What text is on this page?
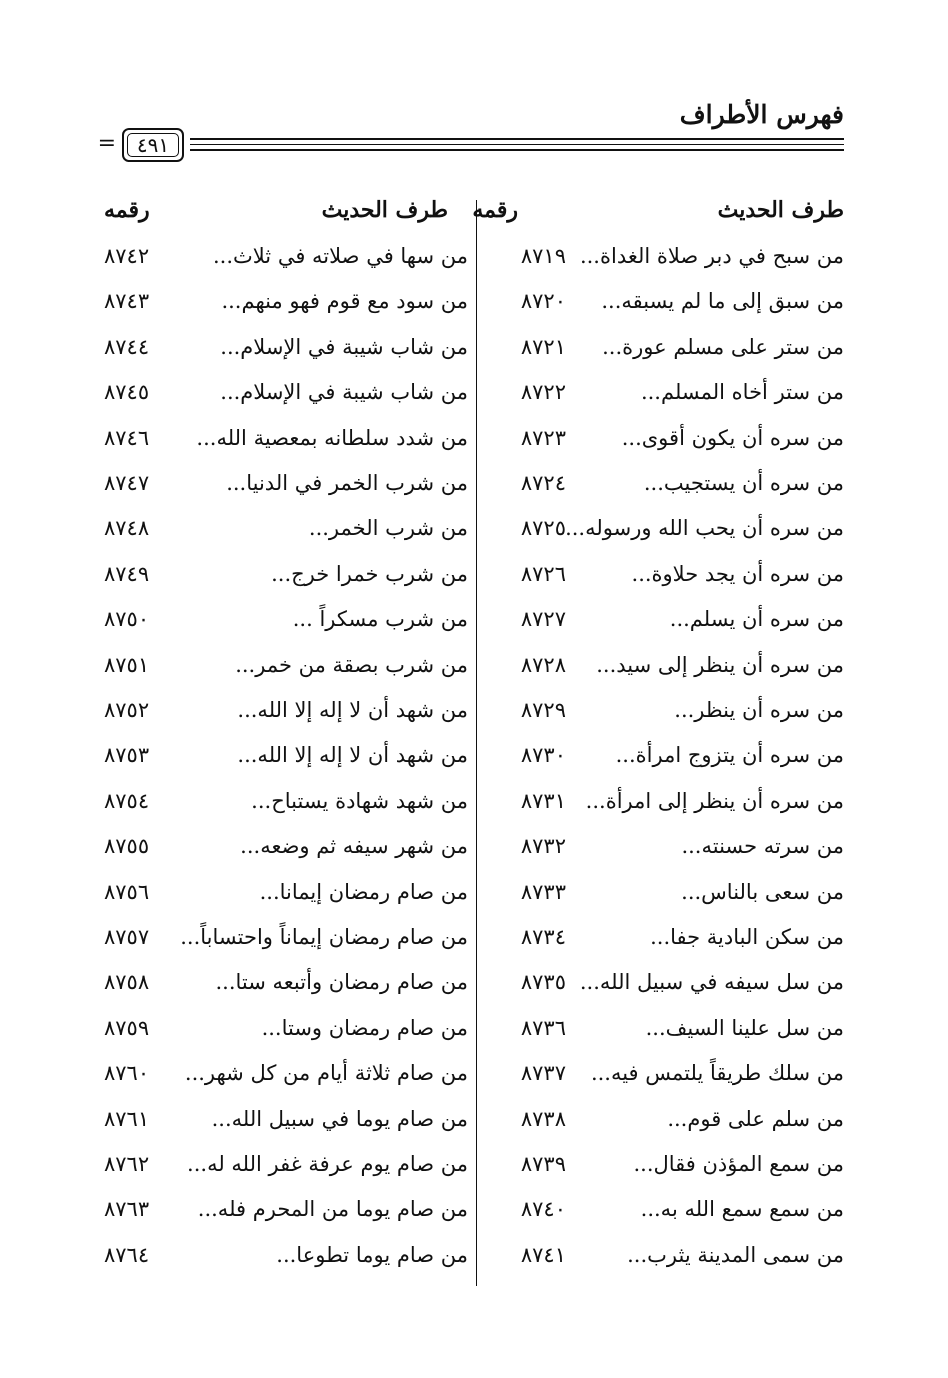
فهرس الأطراف
٤٩١
=
طرف الحديث
رقمه
طرف الحديث
رقمه
من سبح في دبر صلاة الغداة...
٨٧١٩
من سها في صلاته في ثلاث...
٨٧٤٢
من سبق إلى ما لم يسبقه...
٨٧٢٠
من سود مع قوم فهو منهم...
٨٧٤٣
من ستر على مسلم عورة...
٨٧٢١
من شاب شيبة في الإسلام...
٨٧٤٤
من ستر أخاه المسلم...
٨٧٢٢
من شاب شيبة في الإسلام...
٨٧٤٥
من سره أن يكون أقوى...
٨٧٢٣
من شدد سلطانه بمعصية الله...
٨٧٤٦
من سره أن يستجيب...
٨٧٢٤
من شرب الخمر في الدنيا...
٨٧٤٧
من سره أن يحب الله ورسوله...
٨٧٢٥
من شرب الخمر...
٨٧٤٨
من سره أن يجد حلاوة...
٨٧٢٦
من شرب خمرا خرج...
٨٧٤٩
من سره أن يسلم...
٨٧٢٧
من شرب مسكراً ...
٨٧٥٠
من سره أن ينظر إلى سيد...
٨٧٢٨
من شرب بصقة من خمر...
٨٧٥١
من سره أن ينظر...
٨٧٢٩
من شهد أن لا إله إلا الله...
٨٧٥٢
من سره أن يتزوج امرأة...
٨٧٣٠
من شهد أن لا إله إلا الله...
٨٧٥٣
من سره أن ينظر إلى امرأة...
٨٧٣١
من شهد شهادة يستباح...
٨٧٥٤
من سرته حسنته...
٨٧٣٢
من شهر سيفه ثم وضعه...
٨٧٥٥
من سعى بالناس...
٨٧٣٣
من صام رمضان إيمانا...
٨٧٥٦
من سكن البادية جفا...
٨٧٣٤
من صام رمضان إيماناً واحتساباً...
٨٧٥٧
من سل سيفه في سبيل الله...
٨٧٣٥
من صام رمضان وأتبعه ستا...
٨٧٥٨
من سل علينا السيف...
٨٧٣٦
من صام رمضان وستا...
٨٧٥٩
من سلك طريقاً يلتمس فيه...
٨٧٣٧
من صام ثلاثة أيام من كل شهر...
٨٧٦٠
من سلم على قوم...
٨٧٣٨
من صام يوما في سبيل الله...
٨٧٦١
من سمع المؤذن فقال...
٨٧٣٩
من صام يوم عرفة غفر الله له...
٨٧٦٢
من سمع سمع الله به...
٨٧٤٠
من صام يوما من المحرم فله...
٨٧٦٣
من سمى المدينة يثرب...
٨٧٤١
من صام يوما تطوعا...
٨٧٦٤
